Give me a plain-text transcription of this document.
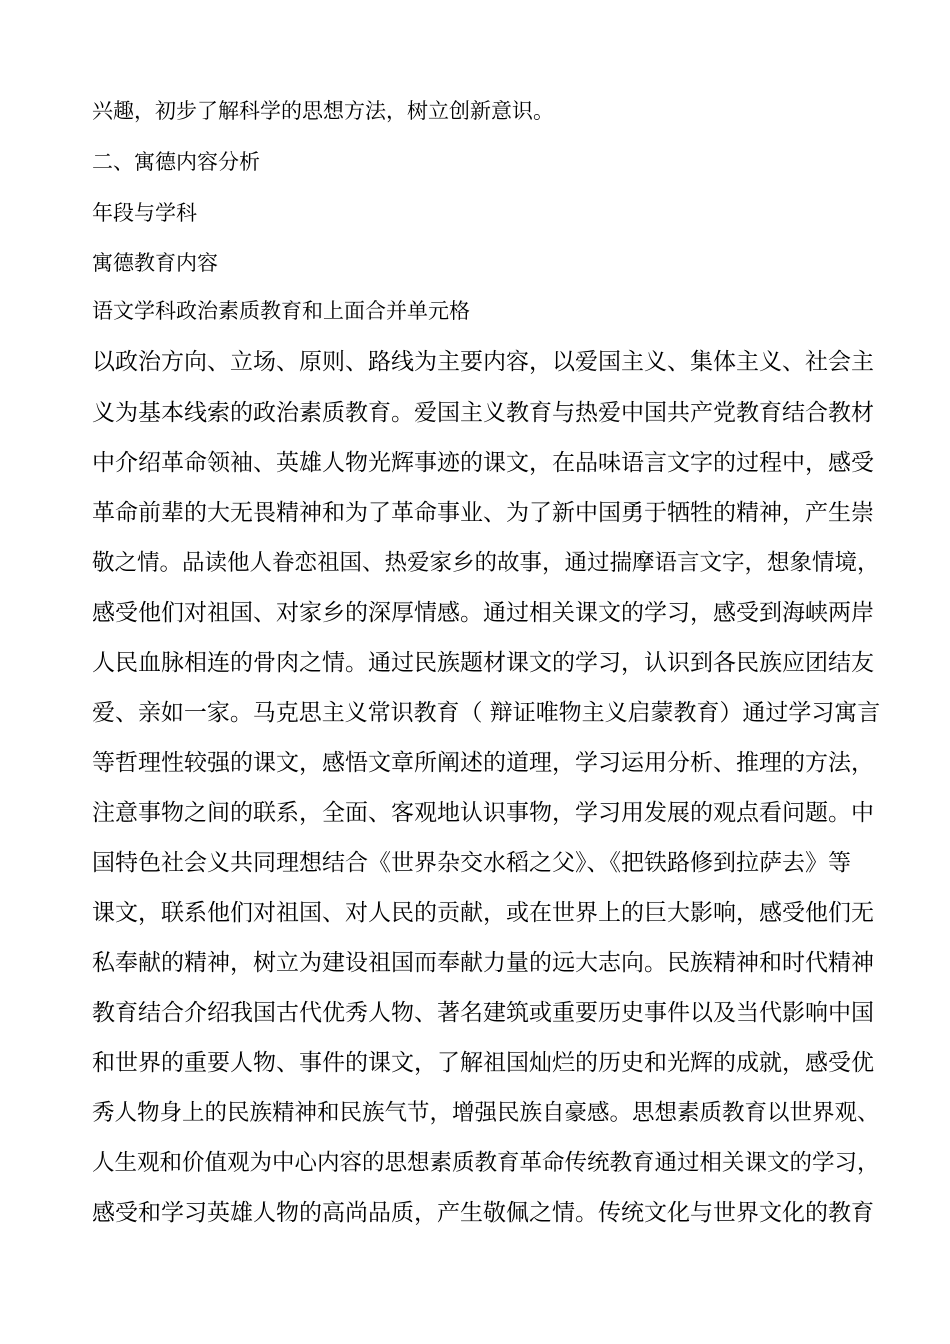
兴趣，初步了解科学的思想方法，树立创新意识。
二、寓德内容分析
年段与学科
寓德教育内容
语文学科政治素质教育和上面合并单元格
以政治方向、立场、原则、路线为主要内容，以爱国主义、集体主义、社会主
义为基本线索的政治素质教育。爱国主义教育与热爱中国共产党教育结合教材
中介绍革命领袖、英雄人物光辉事迹的课文，在品味语言文字的过程中，感受
革命前辈的大无畏精神和为了革命事业、为了新中国勇于牺牲的精神，产生崇
敬之情。品读他人眷恋祖国、热爱家乡的故事，通过揣摩语言文字，想象情境，
感受他们对祖国、对家乡的深厚情感。通过相关课文的学习，感受到海峡两岸
人民血脉相连的骨肉之情。通过民族题材课文的学习，认识到各民族应团结友
爱、亲如一家。马克思主义常识教育（ 辩证唯物主义启蒙教育）通过学习寓言
等哲理性较强的课文，感悟文章所阐述的道理，学习运用分析、推理的方法，
注意事物之间的联系，全面、客观地认识事物，学习用发展的观点看问题。中
国特色社会义共同理想结合《世界杂交水稻之父》、《把铁路修到拉萨去》等
课文，联系他们对祖国、对人民的贡献，或在世界上的巨大影响，感受他们无
私奉献的精神，树立为建设祖国而奉献力量的远大志向。民族精神和时代精神
教育结合介绍我国古代优秀人物、著名建筑或重要历史事件以及当代影响中国
和世界的重要人物、事件的课文，了解祖国灿烂的历史和光辉的成就，感受优
秀人物身上的民族精神和民族气节，增强民族自豪感。思想素质教育以世界观、
人生观和价值观为中心内容的思想素质教育革命传统教育通过相关课文的学习，
感受和学习英雄人物的高尚品质，产生敬佩之情。传统文化与世界文化的教育
